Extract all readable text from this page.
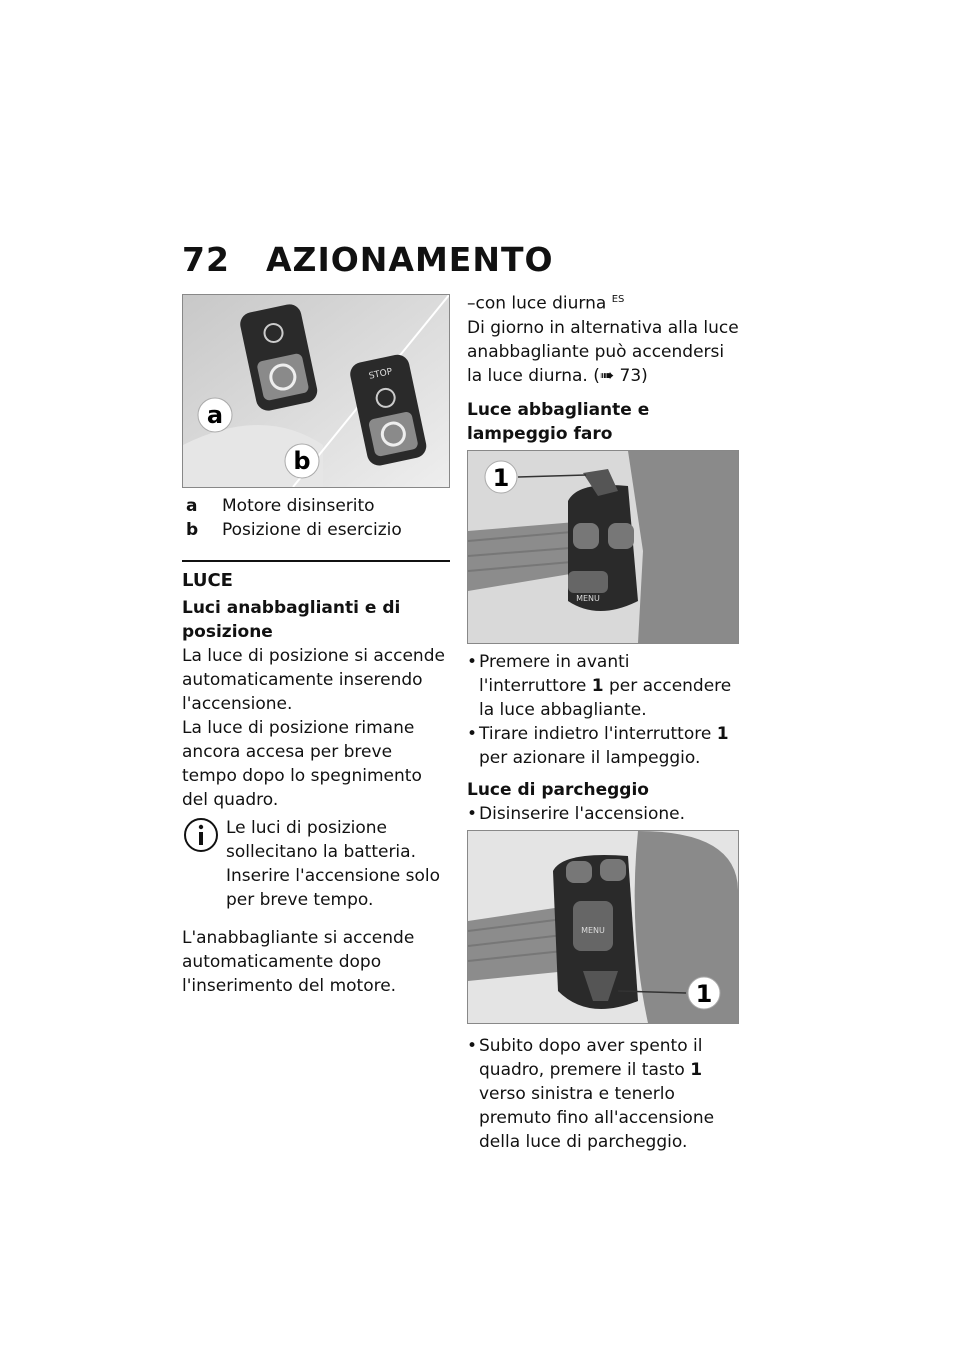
72 AZIONAMENTO
STOP
a
b
a	Motore disinserito
b	Posizione di esercizio
LUCE
Luci anabbaglianti e di posizione

La luce di posizione si accende automaticamente inserendo l'accensione.

La luce di posizione rimane ancora accesa per breve tempo dopo lo spegnimento del quadro.

Le luci di posizione sollecitano la batteria. Inserire l'accensione solo per breve tempo.

L'anabbagliante si accende automaticamente dopo l'inserimento del motore.

–con luce diurna $^{ES}$

Di giorno in alternativa alla luce anabbagliante può accendersi la luce diurna. (➠ 73)

Luce abbagliante e lampeggio faro
MENU
1
• Premere in avanti l'interruttore 1 per accendere la luce abbagliante.
• Tirare indietro l'interruttore 1 per azionare il lampeggio.
Luce di parcheggio
• Disinserire l'accensione.
MENU
1
• Subito dopo aver spento il quadro, premere il tasto 1 verso sinistra e tenerlo premuto fino all'accensione della luce di parcheggio.
